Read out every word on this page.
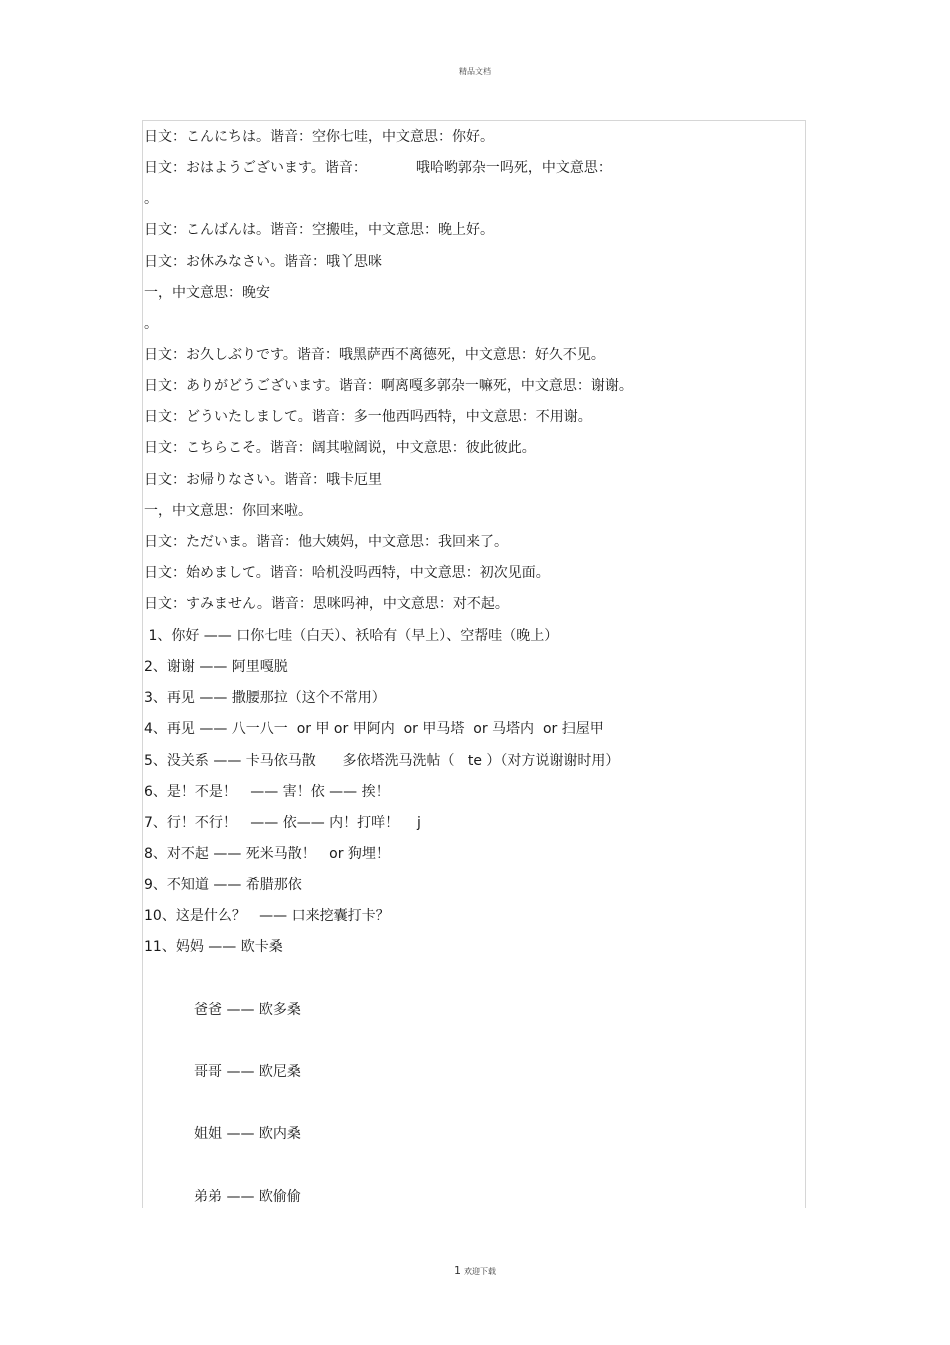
精品文档
日文：こんにちは。谐音：空你七哇，中文意思：你好。
日文：おはようございます。谐音：           哦哈哟郭杂一吗死，中文意思：
。
日文：こんばんは。谐音：空搬哇，中文意思：晚上好。
日文：お休みなさい。谐音：哦丫思咪
一，中文意思：晚安
。
日文：お久しぶりです。谐音：哦黑萨西不离德死，中文意思：好久不见。
日文：ありがどうございます。谐音：啊离嘎多郭杂一嘛死，中文意思：谢谢。
日文：どういたしまして。谐音：多一他西吗西特，中文意思：不用谢。
日文：こちらこそ。谐音：阔其啦阔说，中文意思：彼此彼此。
日文：お帰りなさい。谐音：哦卡厄里
一，中文意思：你回来啦。
日文：ただいま。谐音：他大姨妈，中文意思：我回来了。
日文：始めまして。谐音：哈机没吗西特，中文意思：初次见面。
日文：すみません。谐音：思咪吗神，中文意思：对不起。
1、你好 —— 口你七哇（白天）、袄哈有（早上）、空帮哇（晚上）
2、谢谢 —— 阿里嘎脱
3、再见 —— 撒腰那拉（这个不常用）
4、再见 —— 八一八一  or 甲 or 甲阿内  or 甲马塔  or 马塔内  or 扫屋甲
5、没关系 —— 卡马依马散      多依塔洗马洗帖（   te ）（对方说谢谢时用）
6、是！不是！   —— 害！依 —— 挨！
7、行！不行！   —— 依—— 内！打咩！    j
8、对不起 —— 死米马散！   or 狗埋！
9、不知道 —— 希腊那依
10、这是什么？   —— 口来挖囊打卡？
11、妈妈 —— 欧卡桑
爸爸 —— 欧多桑
哥哥 —— 欧尼桑
姐姐 —— 欧内桑
弟弟 —— 欧偷偷
1 欢迎下载
